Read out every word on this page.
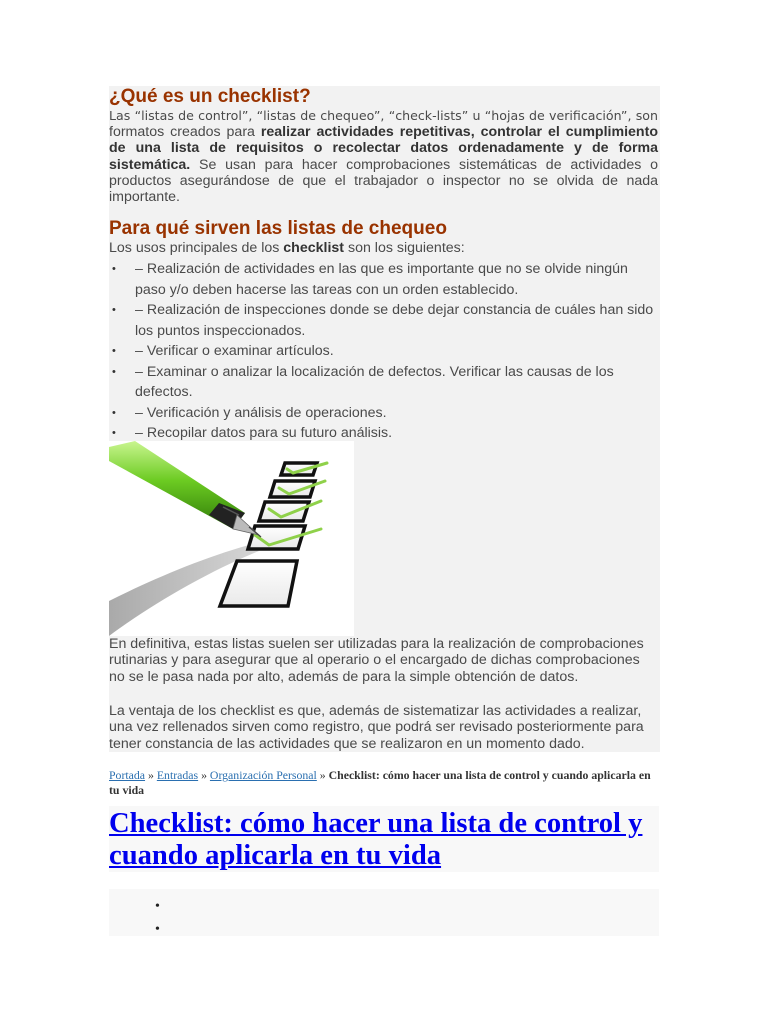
¿Qué es un checklist?

Las “listas de control”, “listas de chequeo”, “check-lists” u “hojas de verificación”, son formatos creados para realizar actividades repetitivas, controlar el cumplimiento de una lista de requisitos o recolectar datos ordenadamente y de forma sistemática. Se usan para hacer comprobaciones sistemáticas de actividades o productos asegurándose de que el trabajador o inspector no se olvida de nada importante.

Para qué sirven las listas de chequeo

Los usos principales de los checklist son los siguientes:

• – Realización de actividades en las que es importante que no se olvide ningún paso y/o deben hacerse las tareas con un orden establecido.
• – Realización de inspecciones donde se debe dejar constancia de cuáles han sido los puntos inspeccionados.
• – Verificar o examinar artículos.
• – Examinar o analizar la localización de defectos. Verificar las causas de los defectos.
• – Verificación y análisis de operaciones.
• – Recopilar datos para su futuro análisis.

En definitiva, estas listas suelen ser utilizadas para la realización de comprobaciones rutinarias y para asegurar que al operario o el encargado de dichas comprobaciones no se le pasa nada por alto, además de para la simple obtención de datos.

La ventaja de los checklist es que, además de sistematizar las actividades a realizar, una vez rellenados sirven como registro, que podrá ser revisado posteriormente para tener constancia de las actividades que se realizaron en un momento dado.

Portada » Entradas » Organización Personal » Checklist: cómo hacer una lista de control y cuando aplicarla en tu vida

Checklist: cómo hacer una lista de control y cuando aplicarla en tu vida
•
•
